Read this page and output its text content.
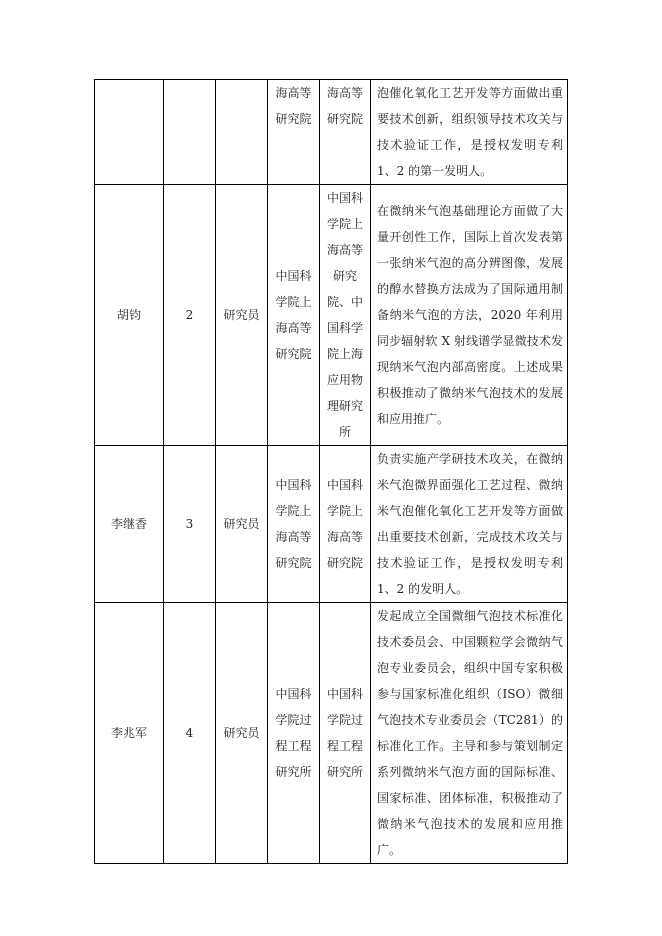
			海高等研究院	海高等研究院	泡催化氧化工艺开发等方面做出重要技术创新，组织领导技术攻关与技术验证工作，是授权发明专利 1、2 的第一发明人。

胡钧	2	研究员	中国科学院上海高等研究院	中国科学院上海高等研究院、中国科学院上海应用物理研究所	在微纳米气泡基础理论方面做了大量开创性工作，国际上首次发表第一张纳米气泡的高分辨图像，发展的醇水替换方法成为了国际通用制备纳米气泡的方法，2020 年利用同步辐射软 X 射线谱学显微技术发现纳米气泡内部高密度。上述成果积极推动了微纳米气泡技术的发展和应用推广。

李继香	3	研究员	中国科学院上海高等研究院	中国科学院上海高等研究院	负责实施产学研技术攻关，在微纳米气泡微界面强化工艺过程、微纳米气泡催化氧化工艺开发等方面做出重要技术创新，完成技术攻关与技术验证工作，是授权发明专利 1、2 的发明人。

李兆军	4	研究员	中国科学院过程工程研究所	中国科学院过程工程研究所	发起成立全国微细气泡技术标准化技术委员会、中国颗粒学会微纳气泡专业委员会，组织中国专家积极参与国家标准化组织（ISO）微细气泡技术专业委员会（TC281）的标准化工作。主导和参与策划制定系列微纳米气泡方面的国际标准、国家标准、团体标准，积极推动了微纳米气泡技术的发展和应用推广。
